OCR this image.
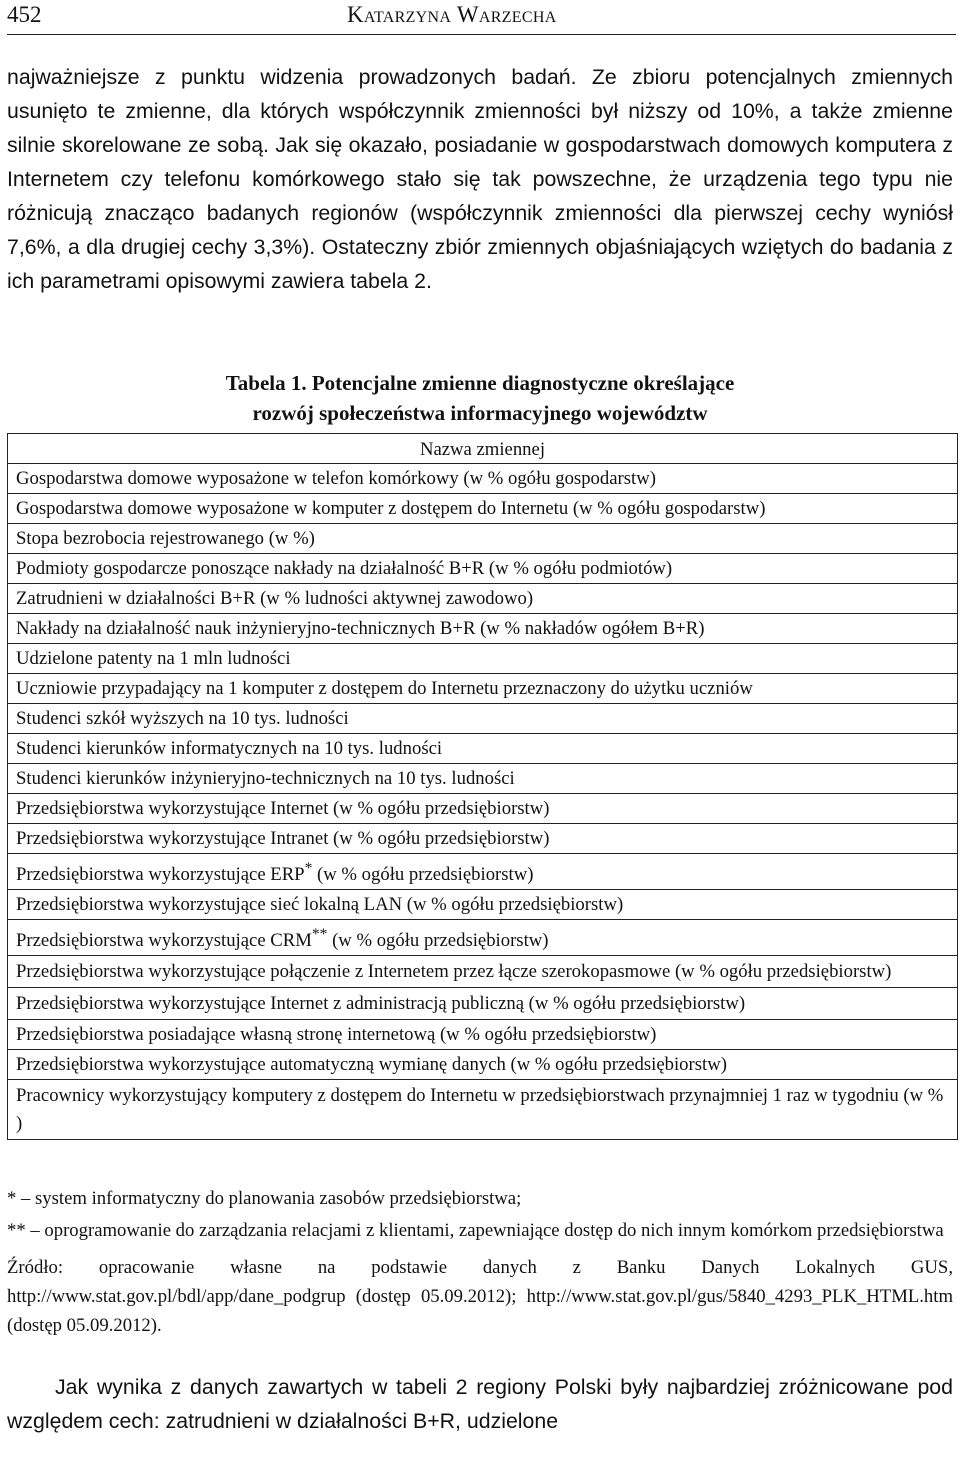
452	Katarzyna Warzecha

najważniejsze z punktu widzenia prowadzonych badań. Ze zbioru potencjalnych zmiennych usunięto te zmienne, dla których współczynnik zmienności był niższy od 10%, a także zmienne silnie skorelowane ze sobą. Jak się okazało, posiadanie w gospodarstwach domowych komputera z Internetem czy telefonu komórkowego stało się tak powszechne, że urządzenia tego typu nie różnicują znacząco badanych regionów (współczynnik zmienności dla pierwszej cechy wyniósł 7,6%, a dla drugiej cechy 3,3%). Ostateczny zbiór zmiennych objaśniających wziętych do badania z ich parametrami opisowymi zawiera tabela 2.

Tabela 1. Potencjalne zmienne diagnostyczne określające

rozwój społeczeństwa informacyjnego województw

Nazwa zmiennej
Gospodarstwa domowe wyposażone w telefon komórkowy (w % ogółu gospodarstw)
Gospodarstwa domowe wyposażone w komputer z dostępem do Internetu (w % ogółu gospodarstw)
Stopa bezrobocia rejestrowanego (w %)
Podmioty gospodarcze ponoszące nakłady na działalność B+R (w % ogółu podmiotów)
Zatrudnieni w działalności B+R (w % ludności aktywnej zawodowo)
Nakłady na działalność nauk inżynieryjno-technicznych B+R (w % nakładów ogółem B+R)
Udzielone patenty na 1 mln ludności
Uczniowie przypadający na 1 komputer z dostępem do Internetu przeznaczony do użytku uczniów
Studenci szkół wyższych na 10 tys. ludności
Studenci kierunków informatycznych na 10 tys. ludności
Studenci kierunków inżynieryjno-technicznych na 10 tys. ludności
Przedsiębiorstwa wykorzystujące Internet (w % ogółu przedsiębiorstw)
Przedsiębiorstwa wykorzystujące Intranet (w % ogółu przedsiębiorstw)
Przedsiębiorstwa wykorzystujące ERP* (w % ogółu przedsiębiorstw)
Przedsiębiorstwa wykorzystujące sieć lokalną LAN (w % ogółu przedsiębiorstw)
Przedsiębiorstwa wykorzystujące CRM** (w % ogółu przedsiębiorstw)
Przedsiębiorstwa wykorzystujące połączenie z Internetem przez łącze szerokopasmowe (w % ogółu przedsiębiorstw)
Przedsiębiorstwa wykorzystujące Internet z administracją publiczną (w % ogółu przedsiębiorstw)
Przedsiębiorstwa posiadające własną stronę internetową (w % ogółu przedsiębiorstw)
Przedsiębiorstwa wykorzystujące automatyczną wymianę danych (w % ogółu przedsiębiorstw)
Pracownicy wykorzystujący komputery z dostępem do Internetu w przedsiębiorstwach przynajmniej 1 raz w tygodniu (w % )

* – system informatyczny do planowania zasobów przedsiębiorstwa;

** – oprogramowanie do zarządzania relacjami z klientami, zapewniające dostęp do nich innym komórkom przedsiębiorstwa

Źródło: opracowanie własne na podstawie danych z Banku Danych Lokalnych GUS, http://www.stat.gov.pl/bdl/app/dane_podgrup (dostęp 05.09.2012); http://www.stat.gov.pl/gus/5840_4293_PLK_HTML.htm (dostęp 05.09.2012).

Jak wynika z danych zawartych w tabeli 2 regiony Polski były najbardziej zróżnicowane pod względem cech: zatrudnieni w działalności B+R, udzielone
